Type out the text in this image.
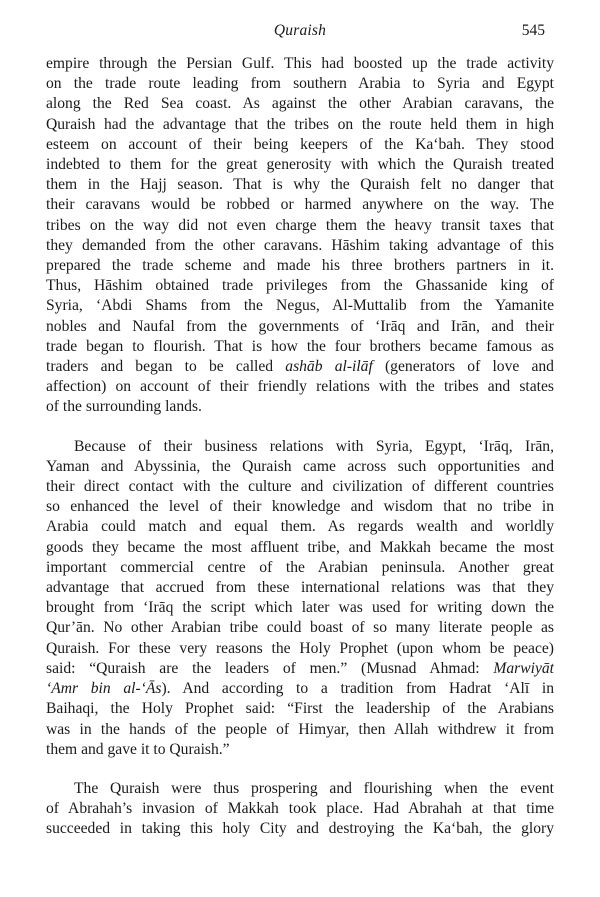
Quraish	545

empire through the Persian Gulf. This had boosted up the trade activity
on the trade route leading from southern Arabia to Syria and Egypt
along the Red Sea coast. As against the other Arabian caravans, the
Quraish had the advantage that the tribes on the route held them in high
esteem on account of their being keepers of the Ka‘bah. They stood
indebted to them for the great generosity with which the Quraish treated
them in the Hajj season. That is why the Quraish felt no danger that
their caravans would be robbed or harmed anywhere on the way. The
tribes on the way did not even charge them the heavy transit taxes that
they demanded from the other caravans. Hāshim taking advantage of this
prepared the trade scheme and made his three brothers partners in it.
Thus, Hāshim obtained trade privileges from the Ghassanide king of
Syria, ‘Abdi Shams from the Negus, Al-Muttalib from the Yamanite
nobles and Naufal from the governments of ‘Irāq and Irān, and their
trade began to flourish. That is how the four brothers became famous as
traders and began to be called ashāb al-ilāf (generators of love and
affection) on account of their friendly relations with the tribes and states
of the surrounding lands.

Because of their business relations with Syria, Egypt, ‘Irāq, Irān,
Yaman and Abyssinia, the Quraish came across such opportunities and
their direct contact with the culture and civilization of different countries
so enhanced the level of their knowledge and wisdom that no tribe in
Arabia could match and equal them. As regards wealth and worldly
goods they became the most affluent tribe, and Makkah became the most
important commercial centre of the Arabian peninsula. Another great
advantage that accrued from these international relations was that they
brought from ‘Irāq the script which later was used for writing down the
Qur’ān. No other Arabian tribe could boast of so many literate people as
Quraish. For these very reasons the Holy Prophet (upon whom be peace)
said: “Quraish are the leaders of men.” (Musnad Ahmad: Marwiyāt
‘Amr bin al-‘Ās). And according to a tradition from Hadrat ‘Alī in
Baihaqi, the Holy Prophet said: “First the leadership of the Arabians
was in the hands of the people of Himyar, then Allah withdrew it from
them and gave it to Quraish.”

The Quraish were thus prospering and flourishing when the event
of Abrahah’s invasion of Makkah took place. Had Abrahah at that time
succeeded in taking this holy City and destroying the Ka‘bah, the glory
